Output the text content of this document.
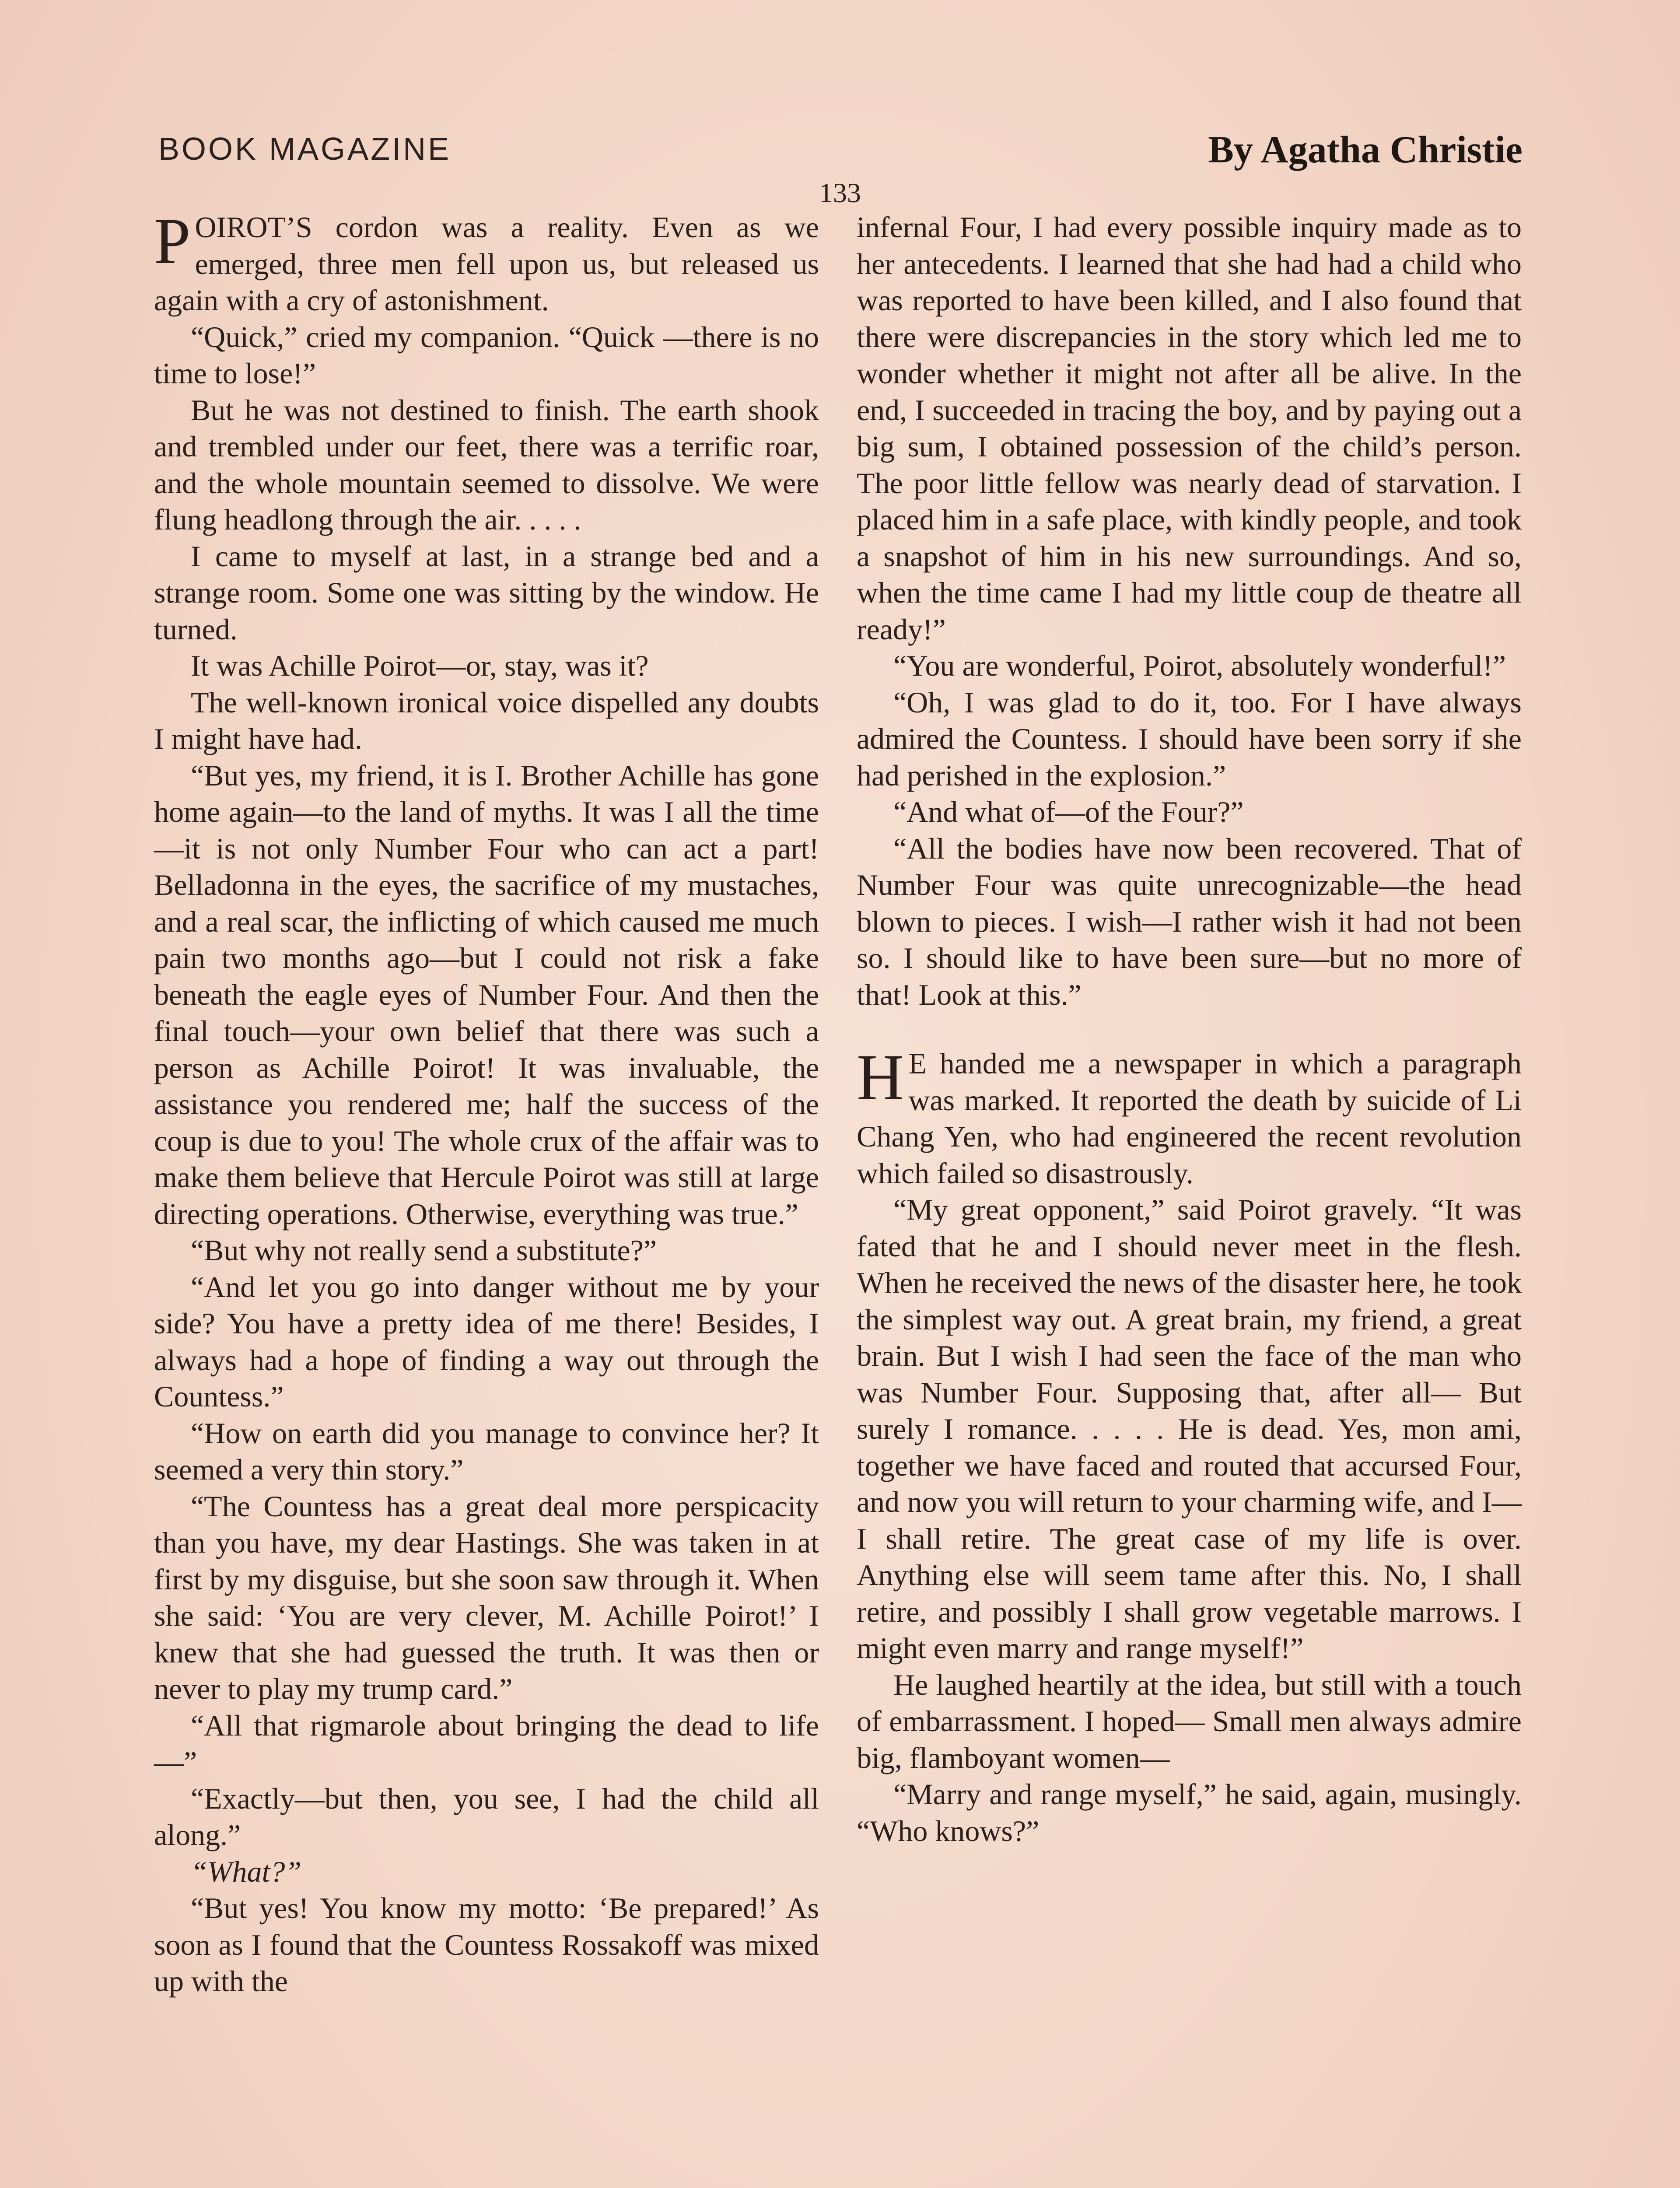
BOOK MAGAZINE	By Agatha Christie
133

POIROT’S cordon was a reality. Even as we emerged, three men fell upon us, but released us again with a cry of astonishment.

“Quick,” cried my companion. “Quick —there is no time to lose!”

But he was not destined to finish. The earth shook and trembled under our feet, there was a terrific roar, and the whole mountain seemed to dissolve. We were flung headlong through the air. . . . .

I came to myself at last, in a strange bed and a strange room. Some one was sitting by the window. He turned.

It was Achille Poirot—or, stay, was it?

The well-known ironical voice dispelled any doubts I might have had.

“But yes, my friend, it is I. Brother Achille has gone home again—to the land of myths. It was I all the time—it is not only Number Four who can act a part! Belladonna in the eyes, the sacrifice of my mustaches, and a real scar, the inflicting of which caused me much pain two months ago—but I could not risk a fake beneath the eagle eyes of Number Four. And then the final touch—your own belief that there was such a person as Achille Poirot! It was invaluable, the assistance you rendered me; half the success of the coup is due to you! The whole crux of the affair was to make them believe that Hercule Poirot was still at large directing operations. Otherwise, everything was true.”

“But why not really send a substitute?”

“And let you go into danger without me by your side? You have a pretty idea of me there! Besides, I always had a hope of finding a way out through the Countess.”

“How on earth did you manage to convince her? It seemed a very thin story.”

“The Countess has a great deal more perspicacity than you have, my dear Hastings. She was taken in at first by my disguise, but she soon saw through it. When she said: ‘You are very clever, M. Achille Poirot!’ I knew that she had guessed the truth. It was then or never to play my trump card.”

“All that rigmarole about bringing the dead to life—”

“Exactly—but then, you see, I had the child all along.”

“What?”

“But yes! You know my motto: ‘Be prepared!’ As soon as I found that the Countess Rossakoff was mixed up with the

infernal Four, I had every possible inquiry made as to her antecedents. I learned that she had had a child who was reported to have been killed, and I also found that there were discrepancies in the story which led me to wonder whether it might not after all be alive. In the end, I succeeded in tracing the boy, and by paying out a big sum, I obtained possession of the child’s person. The poor little fellow was nearly dead of starvation. I placed him in a safe place, with kindly people, and took a snapshot of him in his new surroundings. And so, when the time came I had my little coup de theatre all ready!”

“You are wonderful, Poirot, absolutely wonderful!”

“Oh, I was glad to do it, too. For I have always admired the Countess. I should have been sorry if she had perished in the explosion.”

“And what of—of the Four?”

“All the bodies have now been recovered. That of Number Four was quite unrecognizable—the head blown to pieces. I wish—I rather wish it had not been so. I should like to have been sure—but no more of that! Look at this.”

H E handed me a newspaper in which a paragraph was marked. It reported the death by suicide of Li Chang Yen, who had engineered the recent revolution which failed so disastrously.

“My great opponent,” said Poirot gravely. “It was fated that he and I should never meet in the flesh. When he received the news of the disaster here, he took the simplest way out. A great brain, my friend, a great brain. But I wish I had seen the face of the man who was Number Four. Supposing that, after all— But surely I romance. . . . . He is dead. Yes, mon ami, together we have faced and routed that accursed Four, and now you will return to your charming wife, and I— I shall retire. The great case of my life is over. Anything else will seem tame after this. No, I shall retire, and possibly I shall grow vegetable marrows. I might even marry and range myself!”

He laughed heartily at the idea, but still with a touch of embarrassment. I hoped— Small men always admire big, flamboyant women—

“Marry and range myself,” he said, again, musingly. “Who knows?”
